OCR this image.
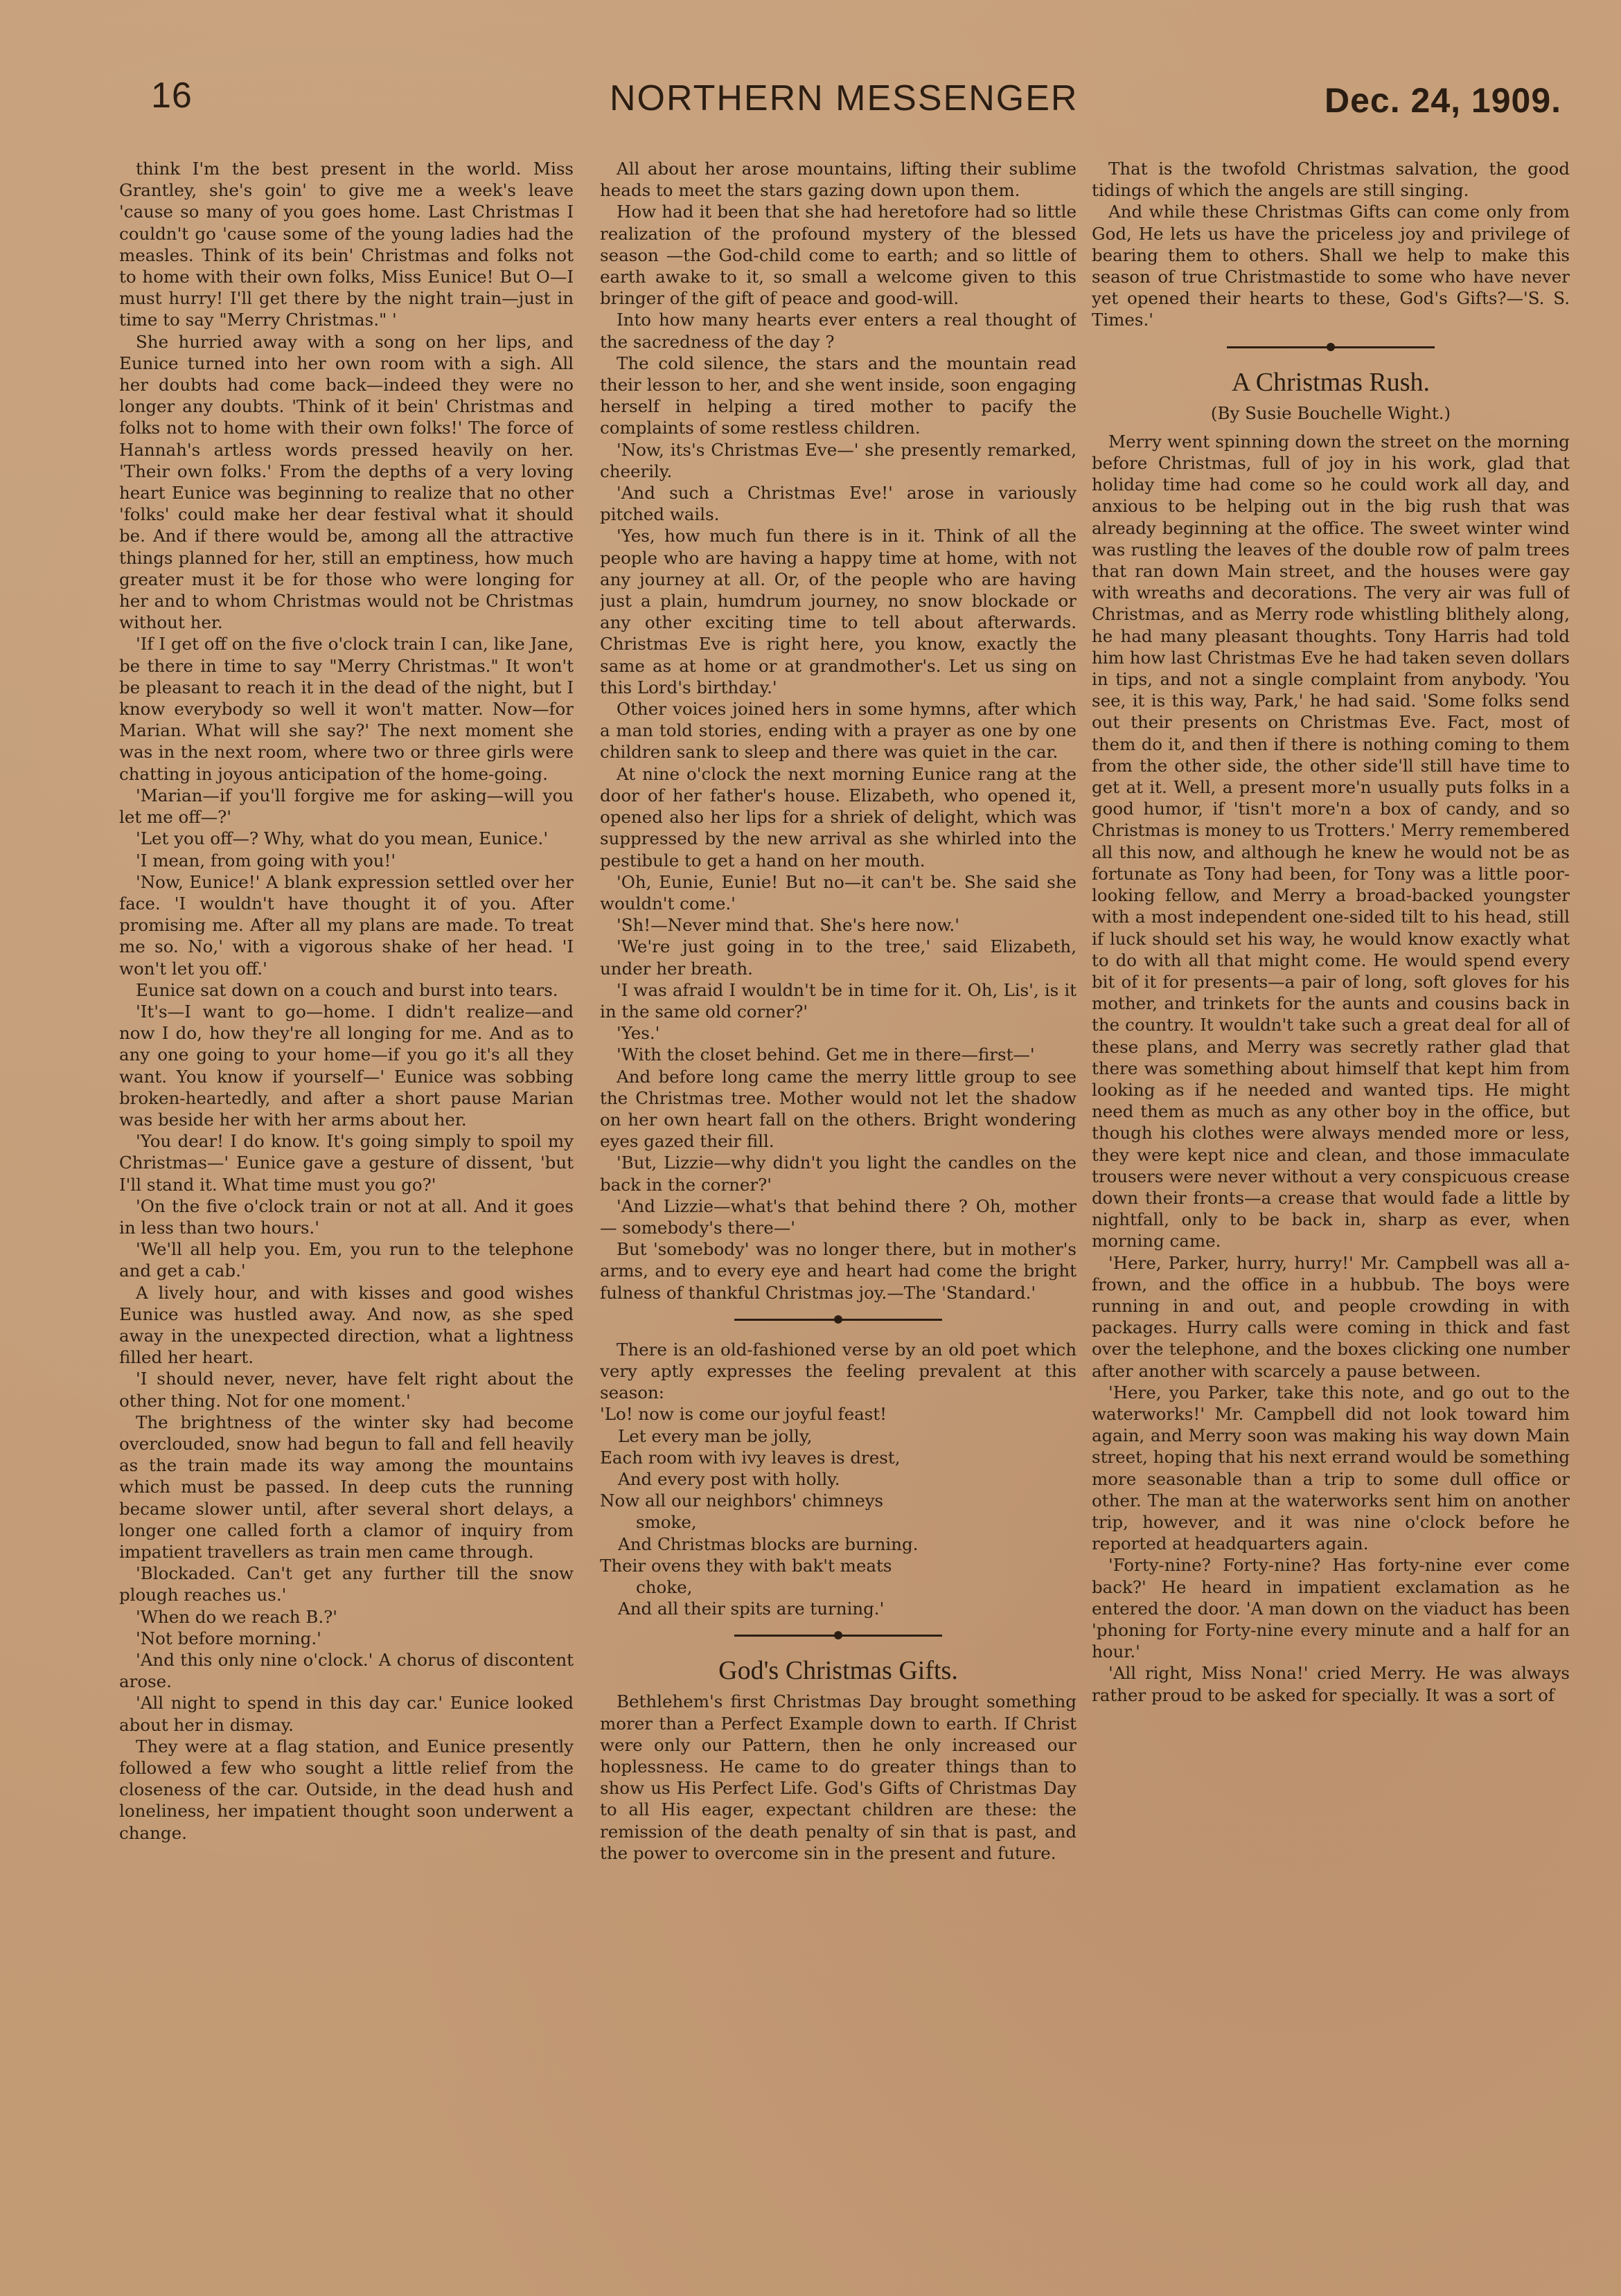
16	NORTHERN MESSENGER	Dec. 24, 1909.

think I'm the best present in the world. Miss Grantley, she's goin' to give me a week's leave 'cause so many of you goes home. Last Christmas I couldn't go 'cause some of the young ladies had the measles. Think of its bein' Christmas and folks not to home with their own folks, Miss Eunice! But O—I must hurry! I'll get there by the night train—just in time to say "Merry Christmas." '

She hurried away with a song on her lips, and Eunice turned into her own room with a sigh. All her doubts had come back—indeed they were no longer any doubts. 'Think of it bein' Christmas and folks not to home with their own folks!' The force of Hannah's artless words pressed heavily on her. 'Their own folks.' From the depths of a very loving heart Eunice was beginning to realize that no other 'folks' could make her dear festival what it should be. And if there would be, among all the attractive things planned for her, still an emptiness, how much greater must it be for those who were longing for her and to whom Christmas would not be Christmas without her.

'If I get off on the five o'clock train I can, like Jane, be there in time to say "Merry Christmas." It won't be pleasant to reach it in the dead of the night, but I know everybody so well it won't matter. Now—for Marian. What will she say?' The next moment she was in the next room, where two or three girls were chatting in joyous anticipation of the home-going.

'Marian—if you'll forgive me for asking—will you let me off—?'

'Let you off—? Why, what do you mean, Eunice.'

'I mean, from going with you!'

'Now, Eunice!' A blank expression settled over her face. 'I wouldn't have thought it of you. After promising me. After all my plans are made. To treat me so. No,' with a vigorous shake of her head. 'I won't let you off.'

Eunice sat down on a couch and burst into tears.

'It's—I want to go—home. I didn't realize—and now I do, how they're all longing for me. And as to any one going to your home—if you go it's all they want. You know if yourself—' Eunice was sobbing broken-heartedly, and after a short pause Marian was beside her with her arms about her.

'You dear! I do know. It's going simply to spoil my Christmas—' Eunice gave a gesture of dissent, 'but I'll stand it. What time must you go?'

'On the five o'clock train or not at all. And it goes in less than two hours.'

'We'll all help you. Em, you run to the telephone and get a cab.'

A lively hour, and with kisses and good wishes Eunice was hustled away. And now, as she sped away in the unexpected direction, what a lightness filled her heart.

'I should never, never, have felt right about the other thing. Not for one moment.'

The brightness of the winter sky had become overclouded, snow had begun to fall and fell heavily as the train made its way among the mountains which must be passed. In deep cuts the running became slower until, after several short delays, a longer one called forth a clamor of inquiry from impatient travellers as train men came through.

'Blockaded. Can't get any further till the snow plough reaches us.'

'When do we reach B.?'

'Not before morning.'

'And this only nine o'clock.' A chorus of discontent arose.

'All night to spend in this day car.' Eunice looked about her in dismay.

They were at a flag station, and Eunice presently followed a few who sought a little relief from the closeness of the car. Outside, in the dead hush and loneliness, her impatient thought soon underwent a change.

All about her arose mountains, lifting their sublime heads to meet the stars gazing down upon them.

How had it been that she had heretofore had so little realization of the profound mystery of the blessed season —the God-child come to earth; and so little of earth awake to it, so small a welcome given to this bringer of the gift of peace and good-will.

Into how many hearts ever enters a real thought of the sacredness of the day ?

The cold silence, the stars and the mountain read their lesson to her, and she went inside, soon engaging herself in helping a tired mother to pacify the complaints of some restless children.

'Now, its's Christmas Eve—' she presently remarked, cheerily.

'And such a Christmas Eve!' arose in variously pitched wails.

'Yes, how much fun there is in it. Think of all the people who are having a happy time at home, with not any journey at all. Or, of the people who are having just a plain, humdrum journey, no snow blockade or any other exciting time to tell about afterwards. Christmas Eve is right here, you know, exactly the same as at home or at grandmother's. Let us sing on this Lord's birthday.'

Other voices joined hers in some hymns, after which a man told stories, ending with a prayer as one by one children sank to sleep and there was quiet in the car.

At nine o'clock the next morning Eunice rang at the door of her father's house. Elizabeth, who opened it, opened also her lips for a shriek of delight, which was suppressed by the new arrival as she whirled into the pestibule to get a hand on her mouth.

'Oh, Eunie, Eunie! But no—it can't be. She said she wouldn't come.'

'Sh!—Never mind that. She's here now.'

'We're just going in to the tree,' said Elizabeth, under her breath.

'I was afraid I wouldn't be in time for it. Oh, Lis', is it in the same old corner?'

'Yes.'

'With the closet behind. Get me in there—first—'

And before long came the merry little group to see the Christmas tree. Mother would not let the shadow on her own heart fall on the others. Bright wondering eyes gazed their fill.

'But, Lizzie—why didn't you light the candles on the back in the corner?'

'And Lizzie—what's that behind there ? Oh, mother — somebody's there—'

But 'somebody' was no longer there, but in mother's arms, and to every eye and heart had come the bright fulness of thankful Christmas joy.—The 'Standard.'

There is an old-fashioned verse by an old poet which very aptly expresses the feeling prevalent at this season:

'Lo! now is come our joyful feast!

Let every man be jolly,

Each room with ivy leaves is drest,

And every post with holly.

Now all our neighbors' chimneys

smoke,

And Christmas blocks are burning.

Their ovens they with bak't meats

choke,

And all their spits are turning.'

God's Christmas Gifts.

Bethlehem's first Christmas Day brought something morer than a Perfect Example down to earth. If Christ were only our Pattern, then he only increased our hoplessness. He came to do greater things than to show us His Perfect Life. God's Gifts of Christmas Day to all His eager, expectant children are these: the remission of the death penalty of sin that is past, and the power to overcome sin in the present and future.

That is the twofold Christmas salvation, the good tidings of which the angels are still singing.

And while these Christmas Gifts can come only from God, He lets us have the priceless joy and privilege of bearing them to others. Shall we help to make this season of true Christmastide to some who have never yet opened their hearts to these, God's Gifts?—'S. S. Times.'

A Christmas Rush.
(By Susie Bouchelle Wight.)

Merry went spinning down the street on the morning before Christmas, full of joy in his work, glad that holiday time had come so he could work all day, and anxious to be helping out in the big rush that was already beginning at the office. The sweet winter wind was rustling the leaves of the double row of palm trees that ran down Main street, and the houses were gay with wreaths and decorations. The very air was full of Christmas, and as Merry rode whistling blithely along, he had many pleasant thoughts. Tony Harris had told him how last Christmas Eve he had taken seven dollars in tips, and not a single complaint from anybody. 'You see, it is this way, Park,' he had said. 'Some folks send out their presents on Christmas Eve. Fact, most of them do it, and then if there is nothing coming to them from the other side, the other side'll still have time to get at it. Well, a present more'n usually puts folks in a good humor, if 'tisn't more'n a box of candy, and so Christmas is money to us Trotters.' Merry remembered all this now, and although he knew he would not be as fortunate as Tony had been, for Tony was a little poor-looking fellow, and Merry a broad-backed youngster with a most independent one-sided tilt to his head, still if luck should set his way, he would know exactly what to do with all that might come. He would spend every bit of it for presents—a pair of long, soft gloves for his mother, and trinkets for the aunts and cousins back in the country. It wouldn't take such a great deal for all of these plans, and Merry was secretly rather glad that there was something about himself that kept him from looking as if he needed and wanted tips. He might need them as much as any other boy in the office, but though his clothes were always mended more or less, they were kept nice and clean, and those immaculate trousers were never without a very conspicuous crease down their fronts—a crease that would fade a little by nightfall, only to be back in, sharp as ever, when morning came.

'Here, Parker, hurry, hurry!' Mr. Campbell was all a-frown, and the office in a hubbub. The boys were running in and out, and people crowding in with packages. Hurry calls were coming in thick and fast over the telephone, and the boxes clicking one number after another with scarcely a pause between.

'Here, you Parker, take this note, and go out to the waterworks!' Mr. Campbell did not look toward him again, and Merry soon was making his way down Main street, hoping that his next errand would be something more seasonable than a trip to some dull office or other. The man at the waterworks sent him on another trip, however, and it was nine o'clock before he reported at headquarters again.

'Forty-nine? Forty-nine? Has forty-nine ever come back?' He heard in impatient exclamation as he entered the door. 'A man down on the viaduct has been 'phoning for Forty-nine every minute and a half for an hour.'

'All right, Miss Nona!' cried Merry. He was always rather proud to be asked for specially. It was a sort of
